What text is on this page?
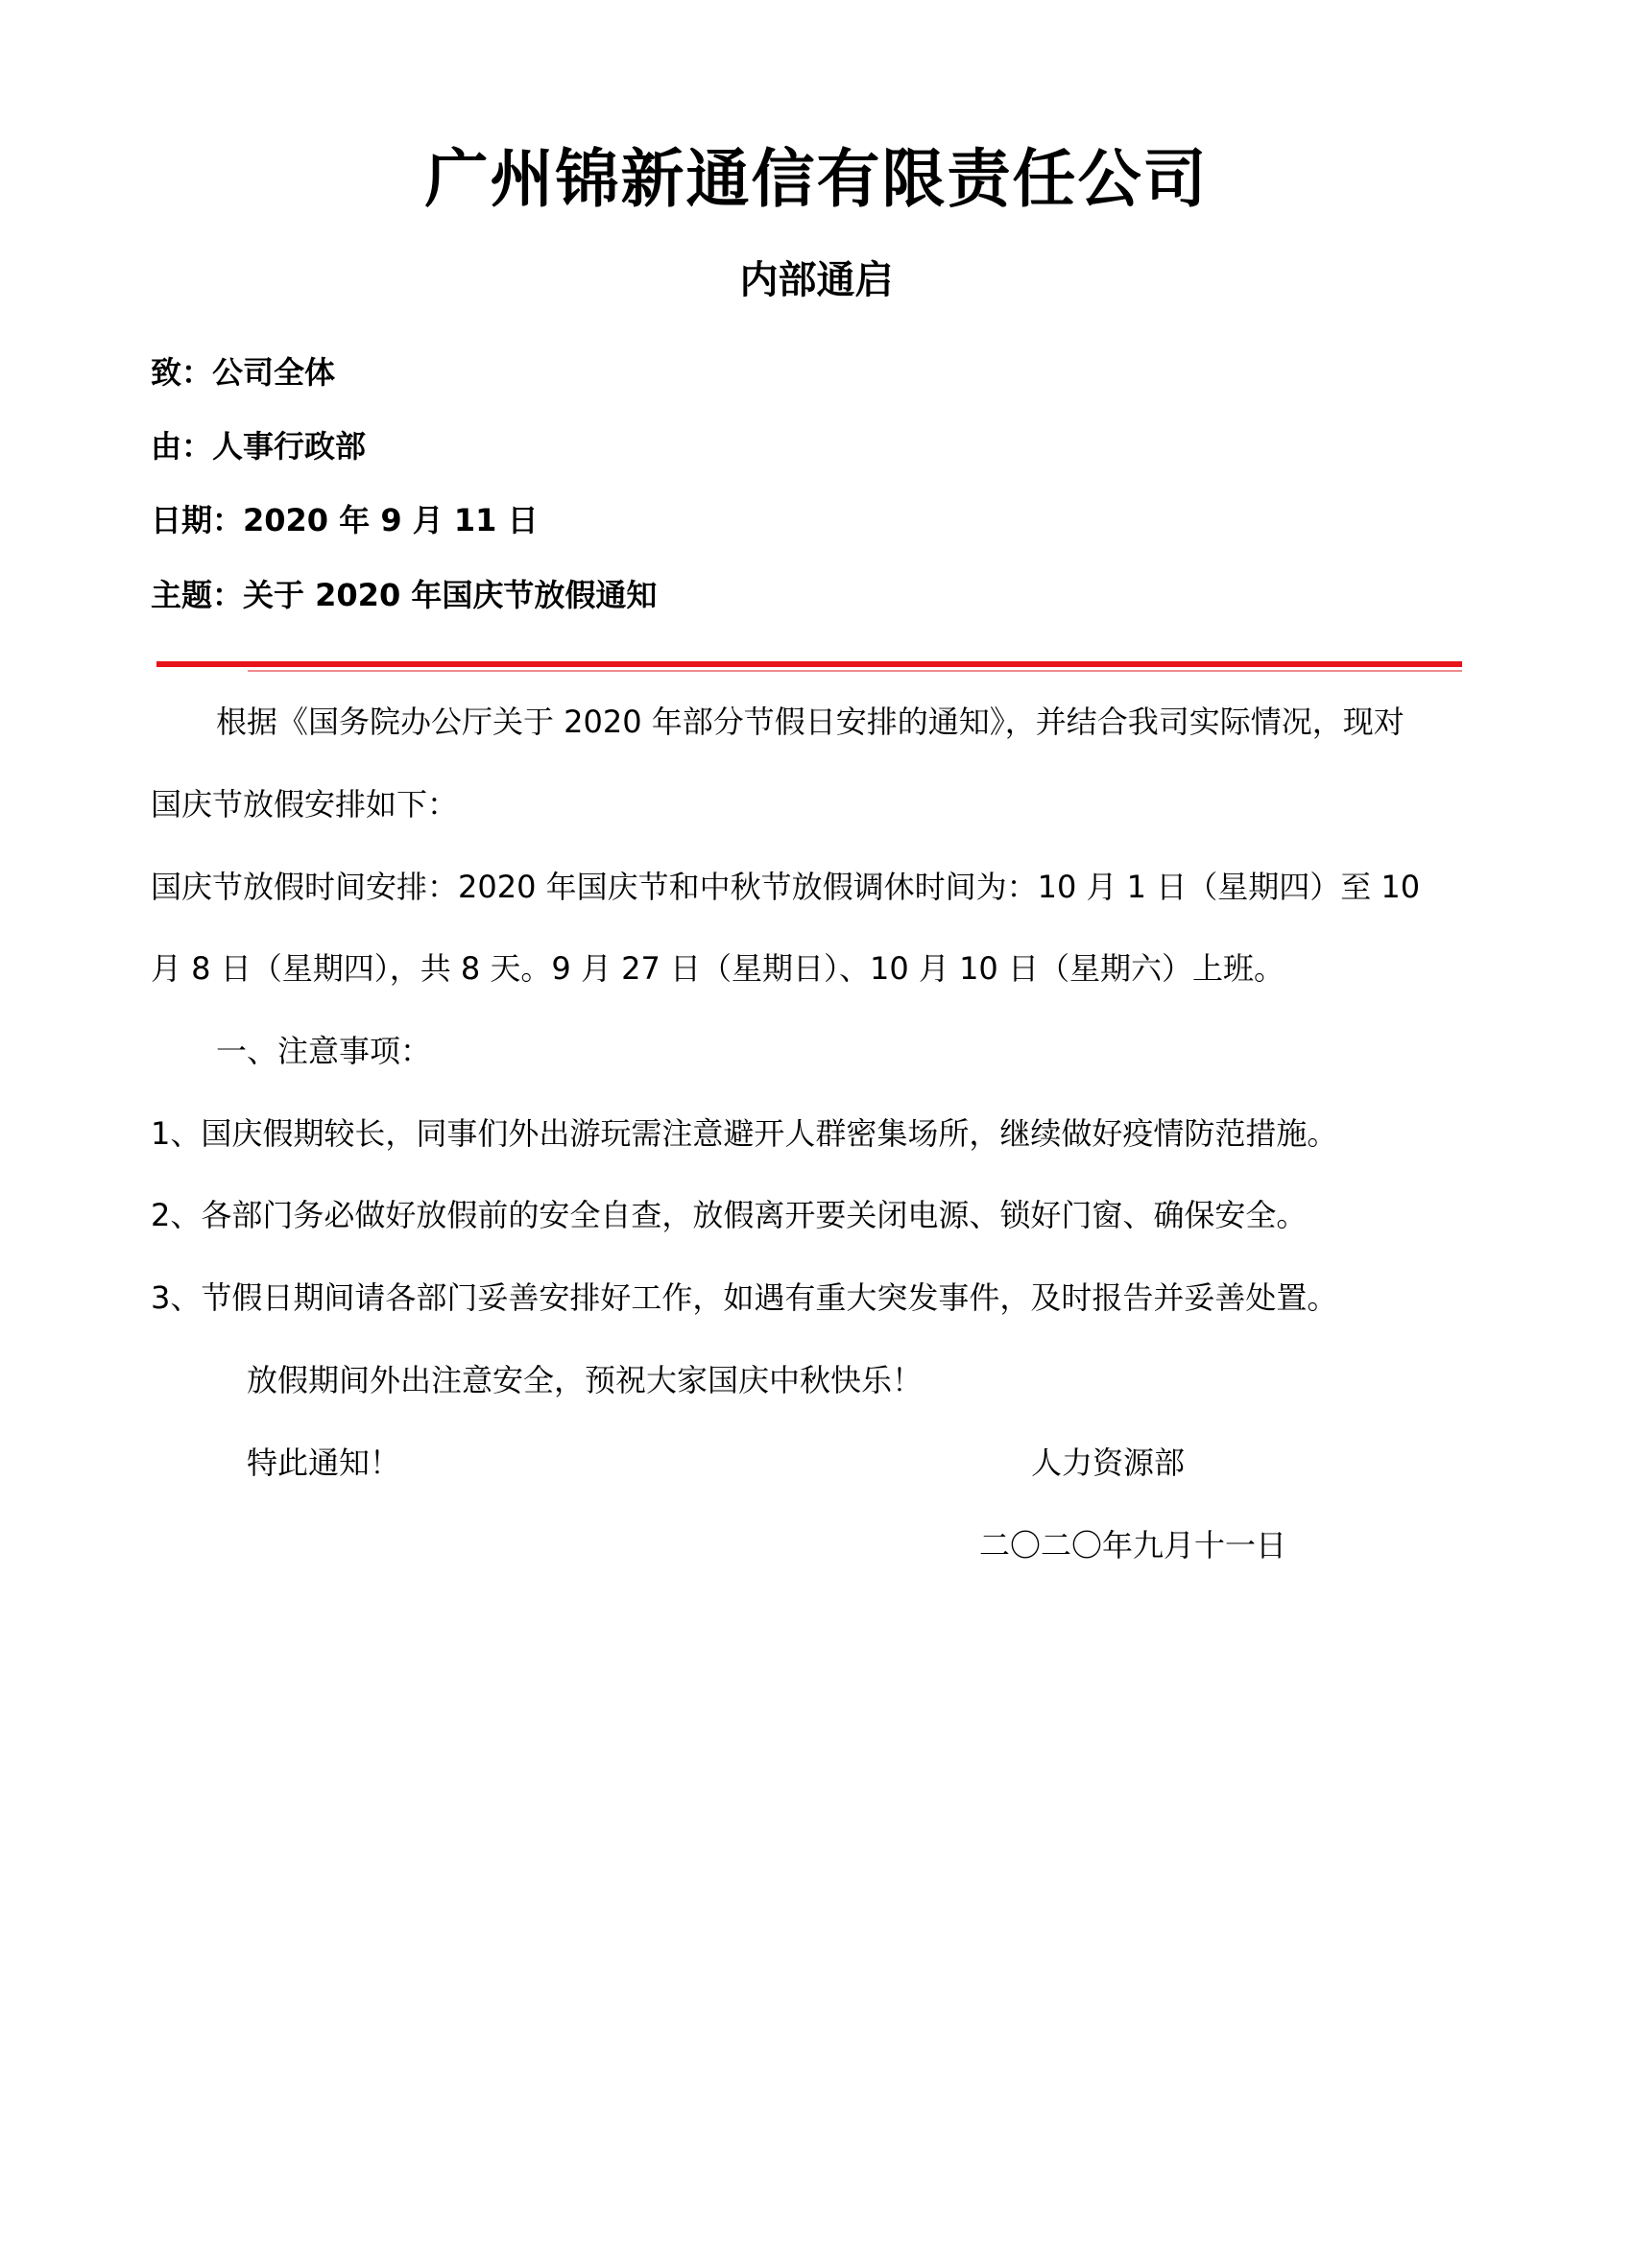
广州锦新通信有限责任公司
内部通启
致：公司全体
由：人事行政部
日期：2020 年 9 月 11 日
主题：关于 2020 年国庆节放假通知
根据《国务院办公厅关于 2020 年部分节假日安排的通知》，并结合我司实际情况，现对
国庆节放假安排如下：
国庆节放假时间安排：2020 年国庆节和中秋节放假调休时间为：10 月 1 日（星期四）至 10
月 8 日（星期四），共 8 天。9 月 27 日（星期日）、10 月 10 日（星期六）上班。
一、注意事项：
1、国庆假期较长，同事们外出游玩需注意避开人群密集场所，继续做好疫情防范措施。
2、各部门务必做好放假前的安全自查，放假离开要关闭电源、锁好门窗、确保安全。
3、节假日期间请各部门妥善安排好工作，如遇有重大突发事件，及时报告并妥善处置。
放假期间外出注意安全，预祝大家国庆中秋快乐！
特此通知！	人力资源部
二〇二〇年九月十一日
